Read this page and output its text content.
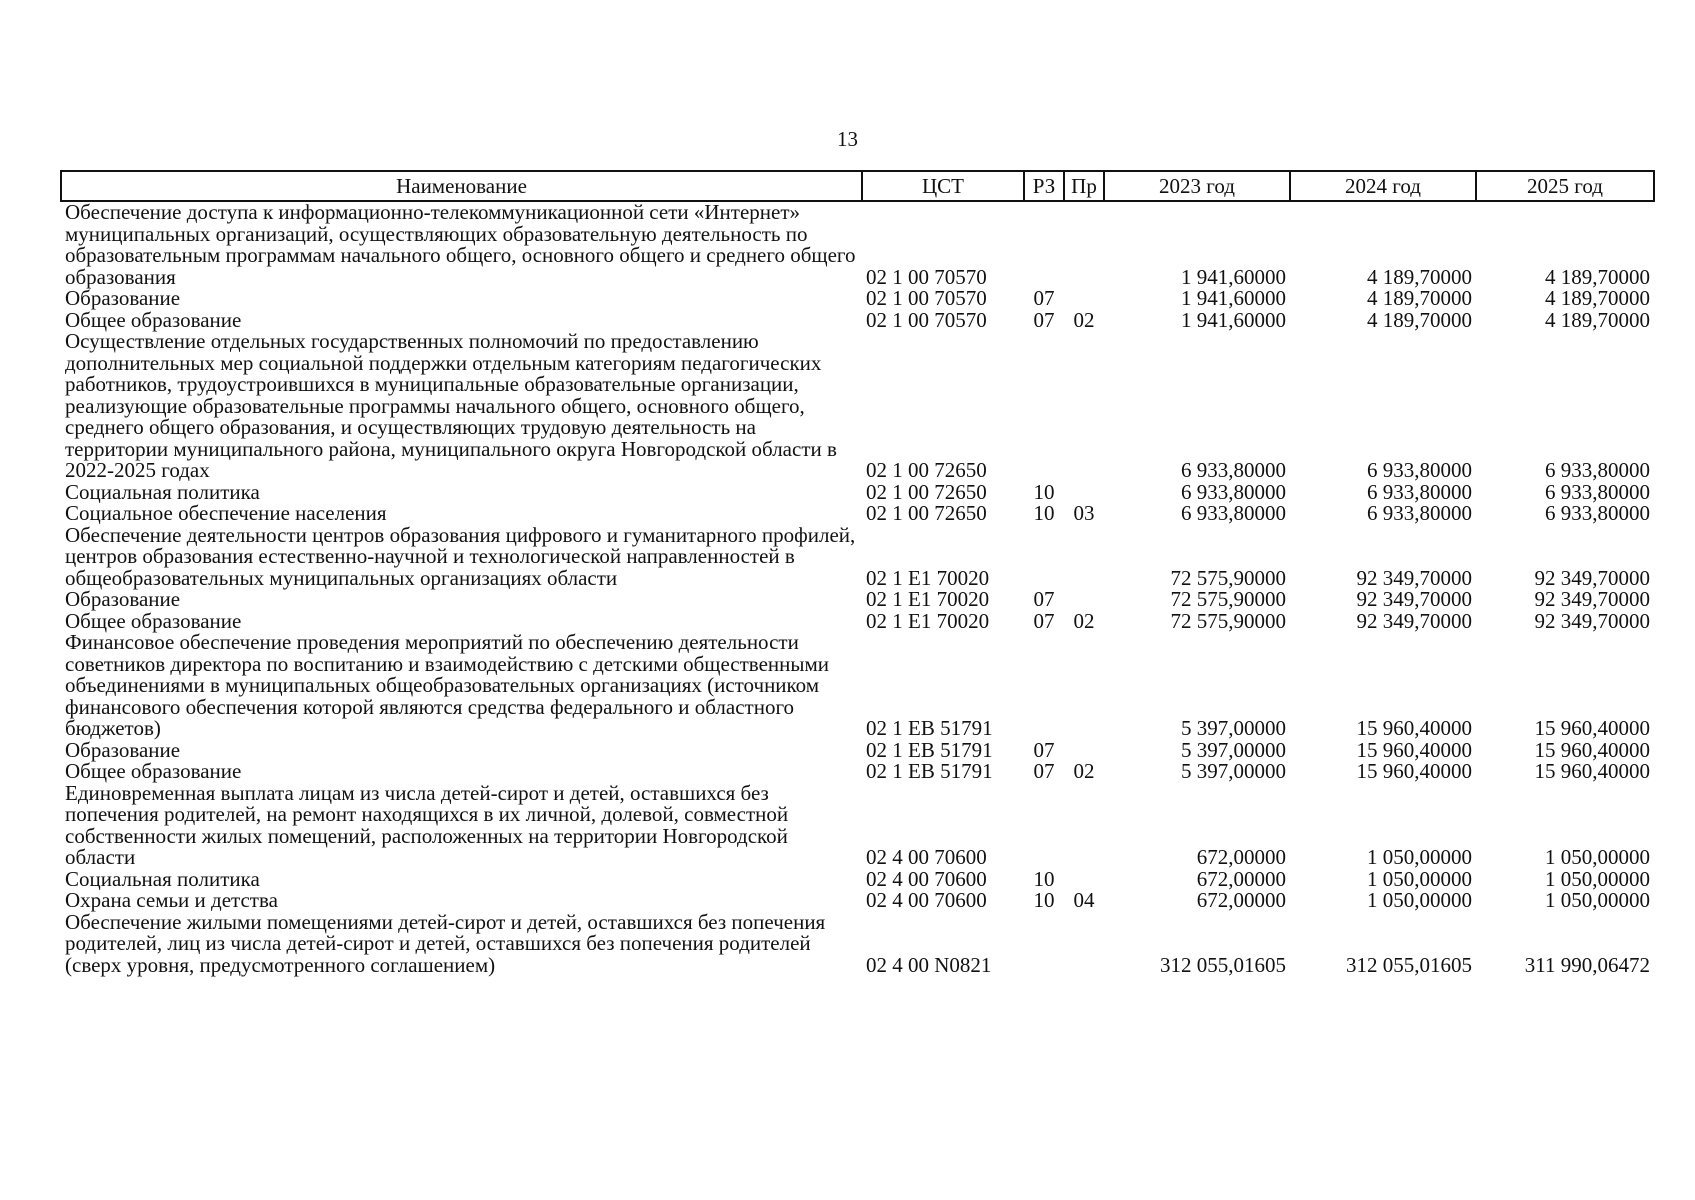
13
Наименование	ЦСТ	РЗ	Пр	2023 год	2024 год	2025 год
Обеспечение доступа к информационно-телекоммуникационной сети «Интернет» муниципальных организаций, осуществляющих образовательную деятельность по образовательным программам начального общего, основного общего и среднего общего образования	02 1 00 70570			1 941,60000	4 189,70000	4 189,70000
Образование	02 1 00 70570	07		1 941,60000	4 189,70000	4 189,70000
Общее образование	02 1 00 70570	07	02	1 941,60000	4 189,70000	4 189,70000
Осуществление отдельных государственных полномочий по предоставлению дополнительных мер социальной поддержки отдельным категориям педагогических работников, трудоустроившихся в муниципальные образовательные организации, реализующие образовательные программы начального общего, основного общего, среднего общего образования, и осуществляющих трудовую деятельность на территории муниципального района, муниципального округа Новгородской области в 2022-2025 годах	02 1 00 72650			6 933,80000	6 933,80000	6 933,80000
Социальная политика	02 1 00 72650	10		6 933,80000	6 933,80000	6 933,80000
Социальное обеспечение населения	02 1 00 72650	10	03	6 933,80000	6 933,80000	6 933,80000
Обеспечение деятельности центров образования цифрового и гуманитарного профилей, центров образования естественно-научной и технологической направленностей в общеобразовательных муниципальных организациях области	02 1 E1 70020			72 575,90000	92 349,70000	92 349,70000
Образование	02 1 E1 70020	07		72 575,90000	92 349,70000	92 349,70000
Общее образование	02 1 E1 70020	07	02	72 575,90000	92 349,70000	92 349,70000
Финансовое обеспечение проведения мероприятий по обеспечению деятельности советников директора по воспитанию и взаимодействию с детскими общественными объединениями в муниципальных общеобразовательных организациях (источником финансового обеспечения которой являются средства федерального и областного бюджетов)	02 1 EB 51791			5 397,00000	15 960,40000	15 960,40000
Образование	02 1 EB 51791	07		5 397,00000	15 960,40000	15 960,40000
Общее образование	02 1 EB 51791	07	02	5 397,00000	15 960,40000	15 960,40000
Единовременная выплата лицам из числа детей-сирот и детей, оставшихся без попечения родителей, на ремонт находящихся в их личной, долевой, совместной собственности жилых помещений, расположенных на территории Новгородской области	02 4 00 70600			672,00000	1 050,00000	1 050,00000
Социальная политика	02 4 00 70600	10		672,00000	1 050,00000	1 050,00000
Охрана семьи и детства	02 4 00 70600	10	04	672,00000	1 050,00000	1 050,00000
Обеспечение жилыми помещениями детей-сирот и детей, оставшихся без попечения родителей, лиц из числа детей-сирот и детей, оставшихся без попечения родителей (сверх уровня, предусмотренного соглашением)	02 4 00 N0821			312 055,01605	312 055,01605	311 990,06472
